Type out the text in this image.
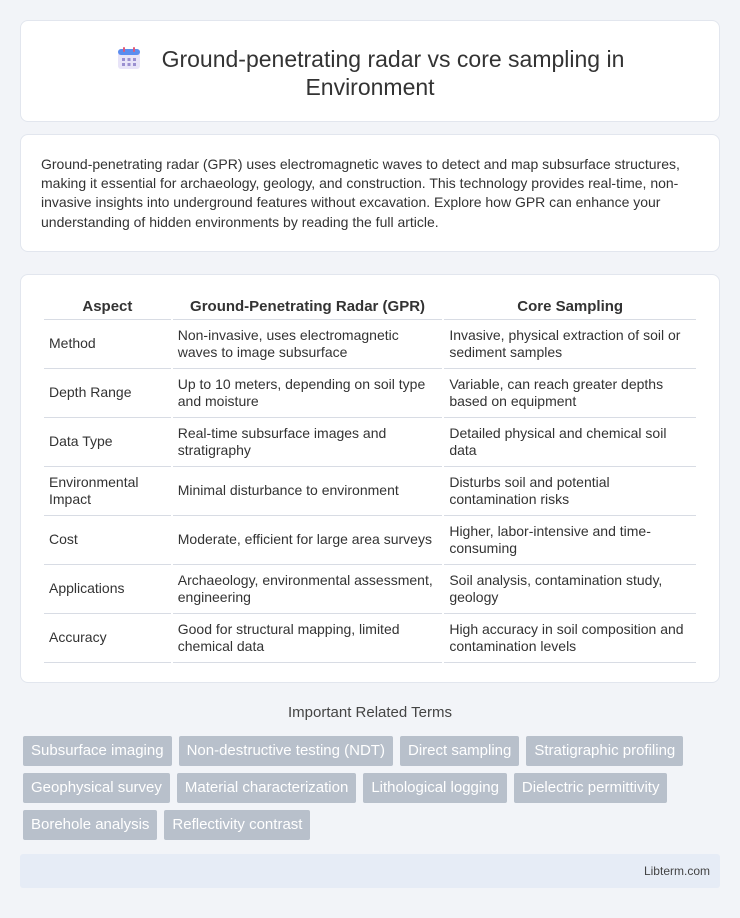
Ground-penetrating radar vs core sampling in
Environment

Ground-penetrating radar (GPR) uses electromagnetic waves to detect and map subsurface structures, making it essential for archaeology, geology, and construction. This technology provides real-time, non-invasive insights into underground features without excavation. Explore how GPR can enhance your understanding of hidden environments by reading the full article.

Aspect	Ground-Penetrating Radar (GPR)	Core Sampling
Method	Non-invasive, uses electromagnetic waves to image subsurface	Invasive, physical extraction of soil or sediment samples
Depth Range	Up to 10 meters, depending on soil type and moisture	Variable, can reach greater depths based on equipment
Data Type	Real-time subsurface images and stratigraphy	Detailed physical and chemical soil data
Environmental Impact	Minimal disturbance to environment	Disturbs soil and potential contamination risks
Cost	Moderate, efficient for large area surveys	Higher, labor-intensive and time-consuming
Applications	Archaeology, environmental assessment, engineering	Soil analysis, contamination study, geology
Accuracy	Good for structural mapping, limited chemical data	High accuracy in soil composition and contamination levels
Important Related Terms
Subsurface imaging	Non-destructive testing (NDT)	Direct sampling	Stratigraphic profiling
Geophysical survey	Material characterization	Lithological logging	Dielectric permittivity
Borehole analysis	Reflectivity contrast
Libterm.com
